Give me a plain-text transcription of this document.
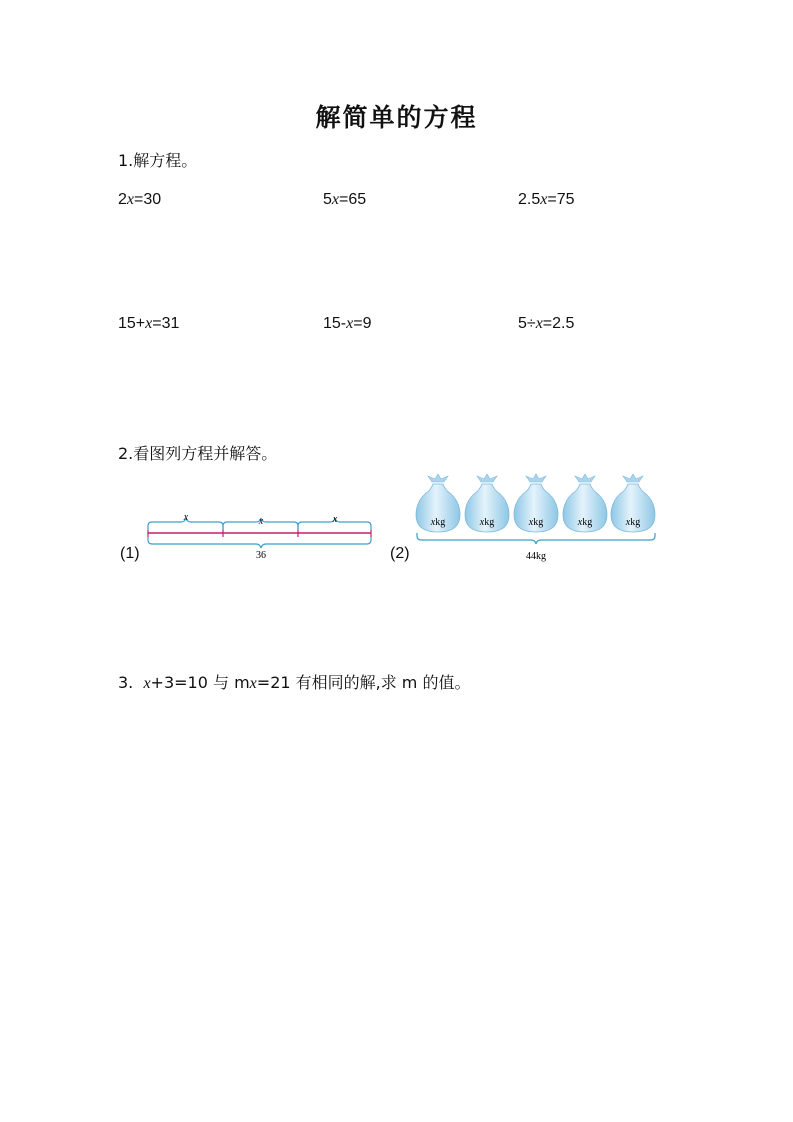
解简单的方程
1.解方程。
2x=30	5x=65	2.5x=75
15+x=31	15-x=9	5÷x=2.5
2.看图列方程并解答。
(1)	(2)
x	x	x
36
xkg	xkg	xkg	xkg	xkg
44kg
3. x+3=10 与 mx=21 有相同的解,求 m 的值。
